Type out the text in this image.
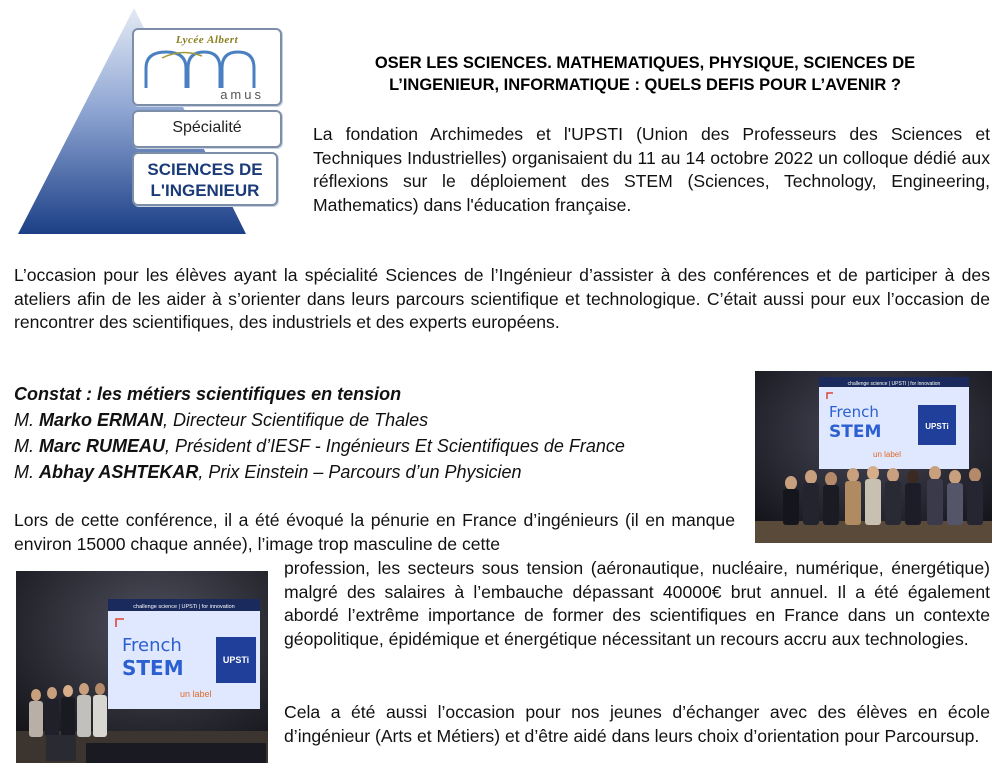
Lycée Albert
amus
Spécialité
SCIENCES DE
L'INGENIEUR
OSER LES SCIENCES. MATHEMATIQUES, PHYSIQUE, SCIENCES DE
L’INGENIEUR, INFORMATIQUE : QUELS DEFIS POUR L’AVENIR ?

La fondation Archimedes et l'UPSTI (Union des Professeurs des Sciences et Techniques Industrielles) organisaient du 11 au 14 octobre 2022 un colloque dédié aux réflexions sur le déploiement des STEM (Sciences, Technology, Engineering, Mathematics) dans l'éducation française.

L’occasion pour les élèves ayant la spécialité Sciences de l’Ingénieur d’assister à des conférences et de participer à des ateliers afin de les aider à s’orienter dans leurs parcours scientifique et technologique. C’était aussi pour eux l’occasion de rencontrer des scientifiques, des industriels et des experts européens.

Constat : les métiers scientifiques en tension
M. Marko ERMAN, Directeur Scientifique de Thales
M. Marc RUMEAU, Président d’IESF - Ingénieurs Et Scientifiques de France
M. Abhay ASHTEKAR, Prix Einstein – Parcours d’un Physicien

Lors de cette conférence, il a été évoqué la pénurie en France d’ingénieurs (il en manque environ 15000 chaque année), l’image trop masculine de cette

profession, les secteurs sous tension (aéronautique, nucléaire, numérique, énergétique) malgré des salaires à l’embauche dépassant 40000€ brut annuel. Il a été également abordé l’extrême importance de former des scientifiques en France dans un contexte géopolitique, épidémique et énergétique nécessitant un recours accru aux technologies.

Cela a été aussi l’occasion pour nos jeunes d’échanger avec des élèves en école d’ingénieur (Arts et Métiers) et d’être aidé dans leurs choix d’orientation pour Parcoursup.

challenge science | UPSTI | for innovation
French
STEM	UPSTi
un label
challenge science | UPSTi | for innovation
French
STEM	UPSTi
un label
